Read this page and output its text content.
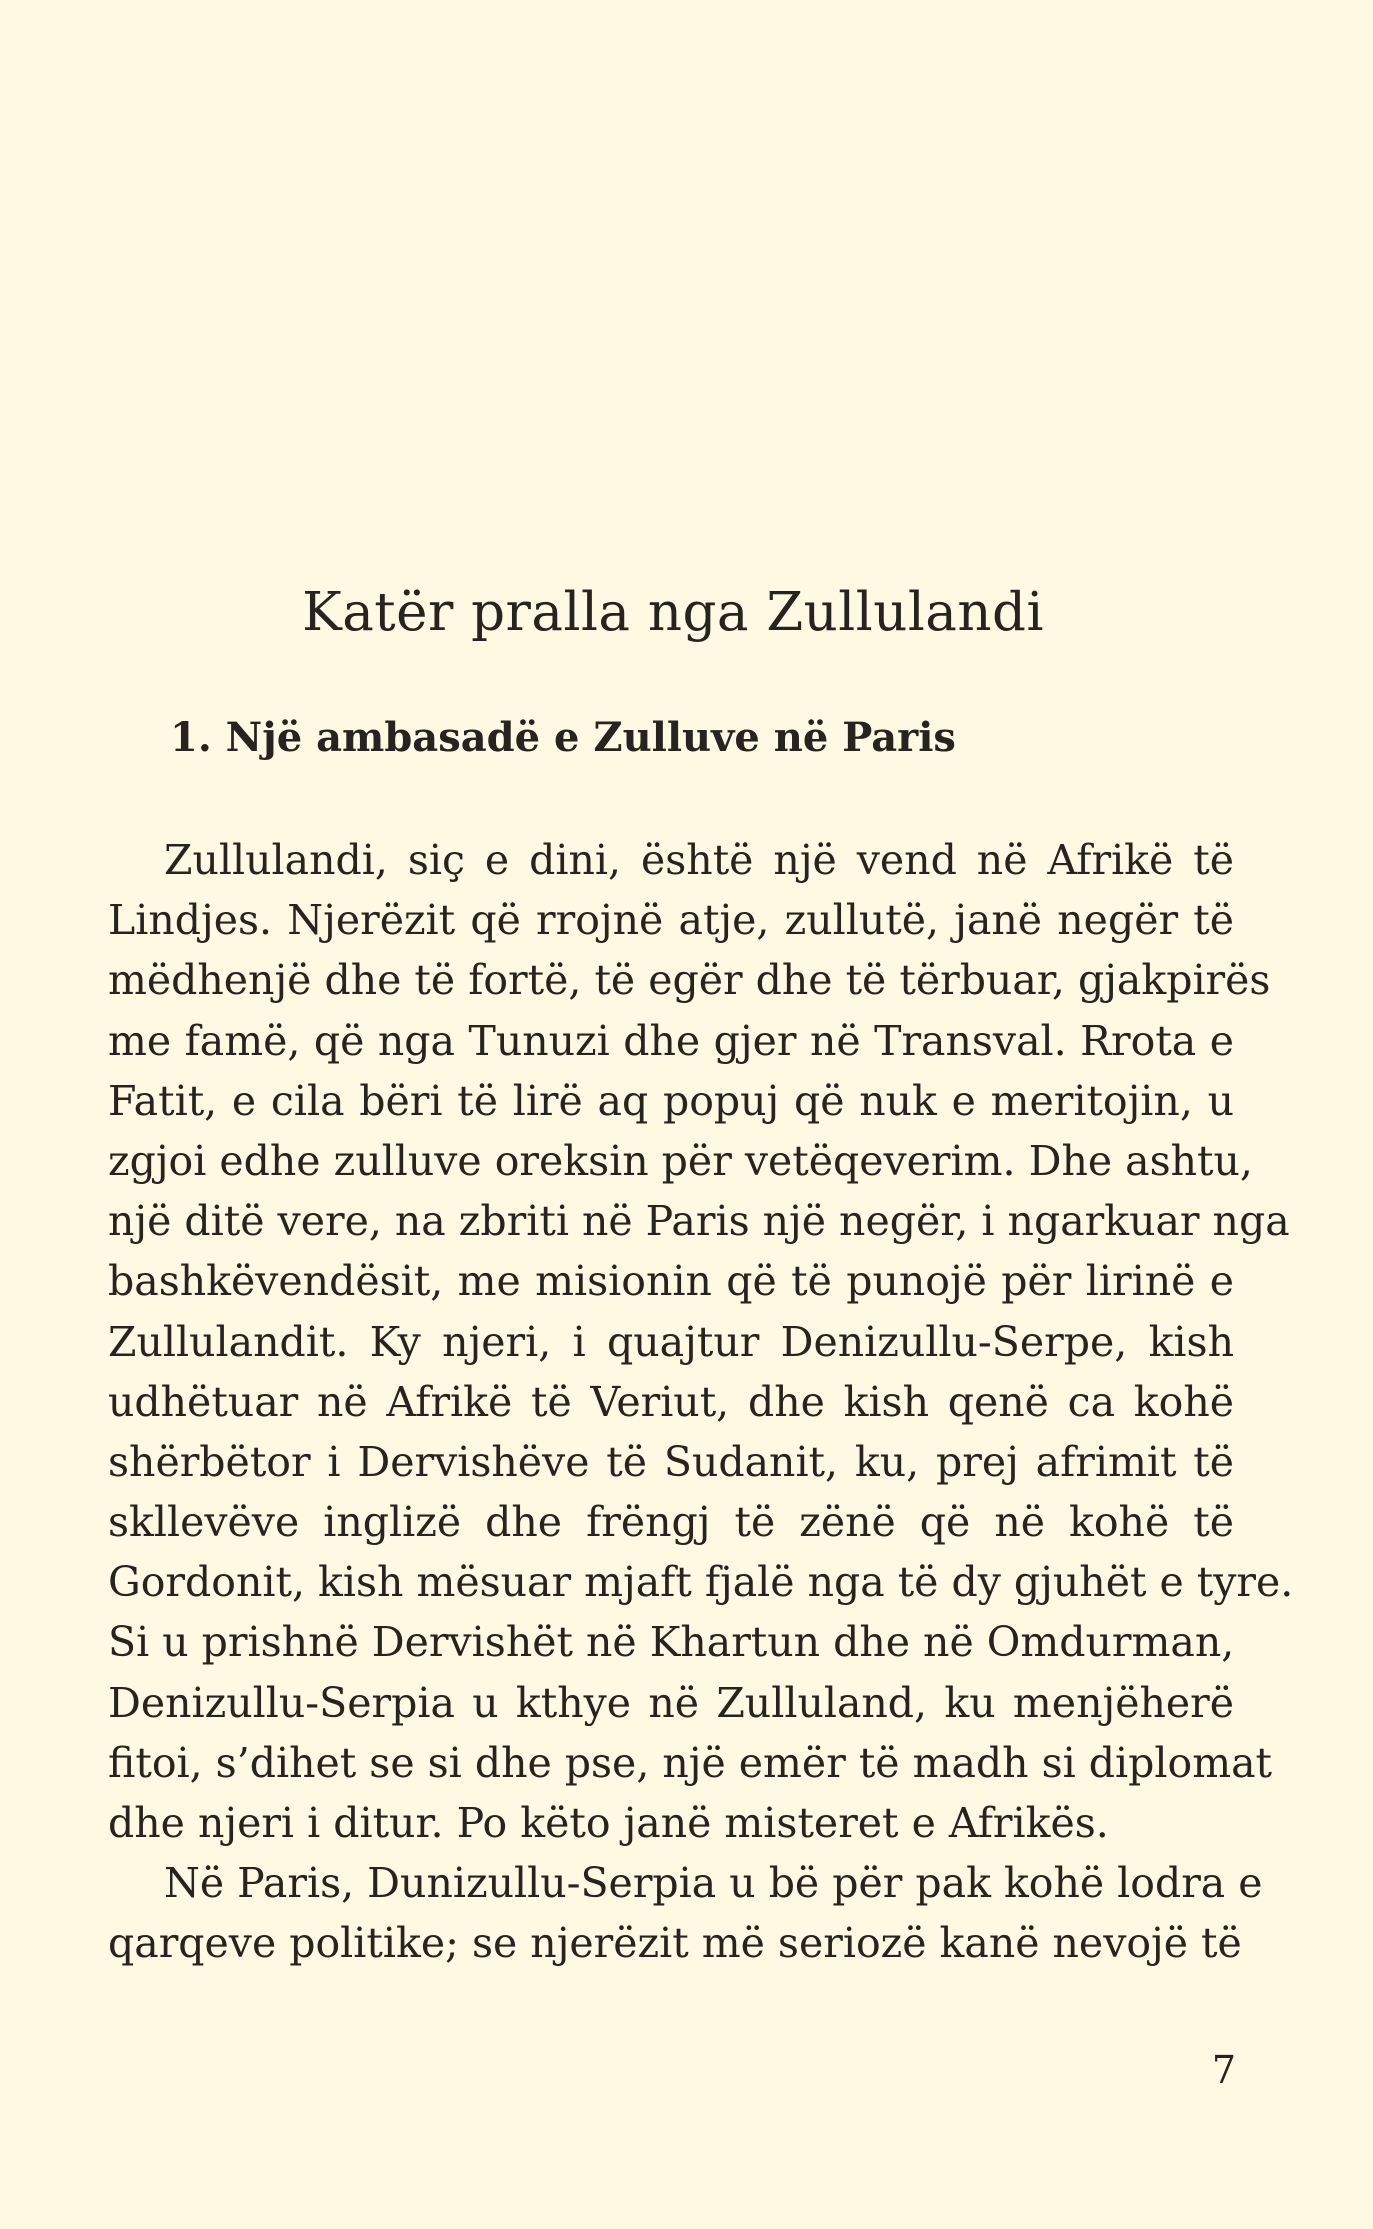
Katër pralla nga Zullulandi
1. Një ambasadë e Zulluve në Paris
Zullulandi, siç e dini, është një vend në Afrikë të
Lindjes. Njerëzit që rrojnë atje, zullutë, janë negër të
mëdhenjë dhe të fortë, të egër dhe të tërbuar, gjakpirës
me famë, që nga Tunuzi dhe gjer në Transval. Rrota e
Fatit, e cila bëri të lirë aq popuj që nuk e meritojin, u
zgjoi edhe zulluve oreksin për vetëqeverim. Dhe ashtu,
një ditë vere, na zbriti në Paris një negër, i ngarkuar nga
bashkëvendësit, me misionin që të punojë për lirinë e
Zullulandit. Ky njeri, i quajtur Denizullu-Serpe, kish
udhëtuar në Afrikë të Veriut, dhe kish qenë ca kohë
shërbëtor i Dervishëve të Sudanit, ku, prej afrimit të
skllevëve inglizë dhe frëngj të zënë që në kohë të
Gordonit, kish mësuar mjaft fjalë nga të dy gjuhët e tyre.
Si u prishnë Dervishët në Khartun dhe në Omdurman,
Denizullu-Serpia u kthye në Zulluland, ku menjëherë
fitoi, s’dihet se si dhe pse, një emër të madh si diplomat
dhe njeri i ditur. Po këto janë misteret e Afrikës.
Në Paris, Dunizullu-Serpia u bë për pak kohë lodra e
qarqeve politike; se njerëzit më seriozë kanë nevojë të
7
